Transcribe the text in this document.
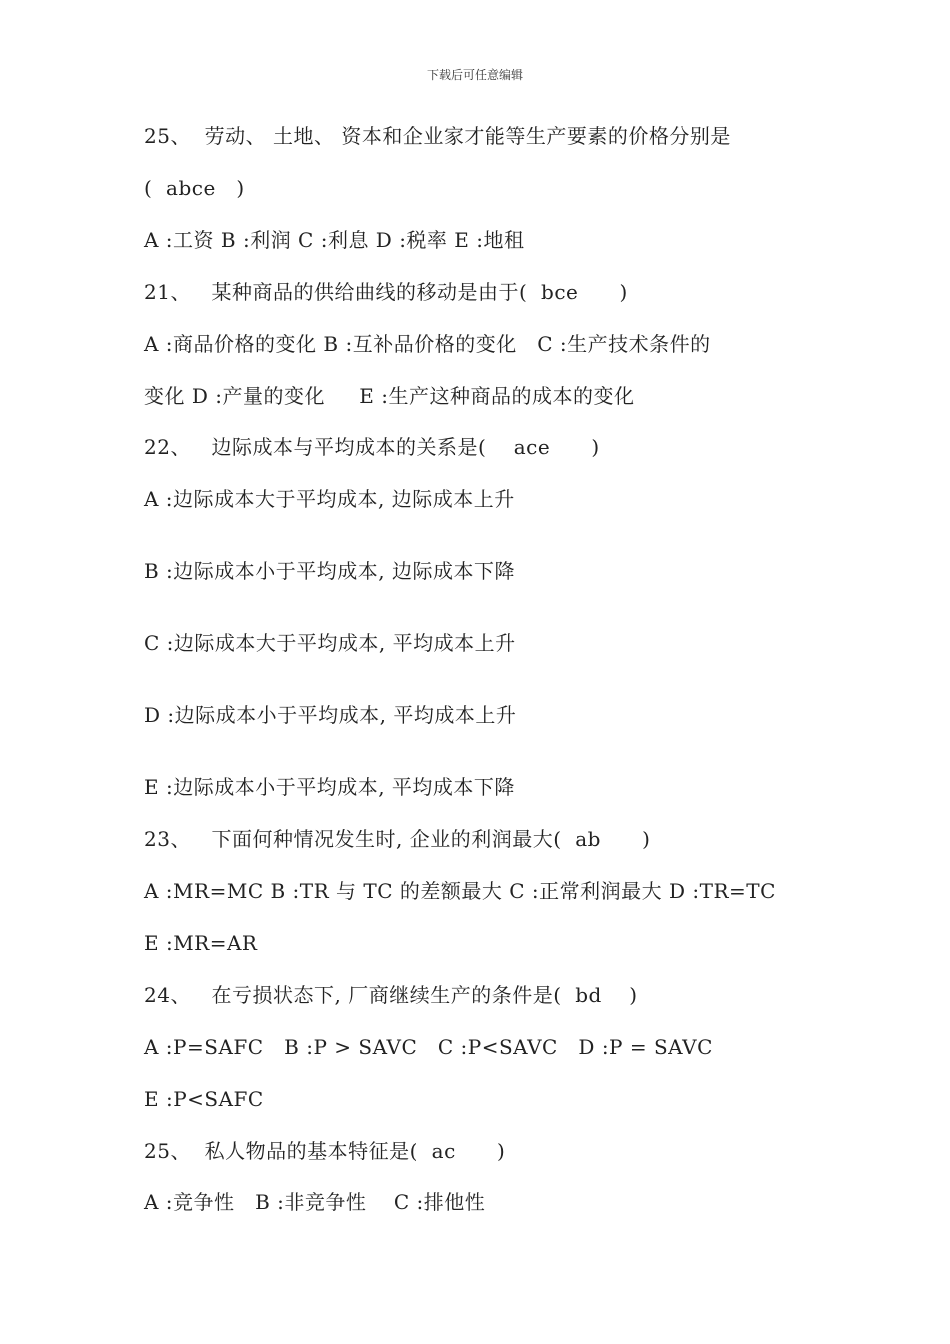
下载后可任意编辑
25、  劳动、 土地、 资本和企业家才能等生产要素的价格分别是
(  abce   )
A :工资 B :利润 C :利息 D :税率 E :地租
21、   某种商品的供给曲线的移动是由于(  bce      )
A :商品价格的变化 B :互补品价格的变化   C :生产技术条件的
变化 D :产量的变化     E :生产这种商品的成本的变化
22、   边际成本与平均成本的关系是(    ace      )
A :边际成本大于平均成本, 边际成本上升
B :边际成本小于平均成本, 边际成本下降
C :边际成本大于平均成本, 平均成本上升
D :边际成本小于平均成本, 平均成本上升
E :边际成本小于平均成本, 平均成本下降
23、   下面何种情况发生时, 企业的利润最大(  ab      )
A :MR=MC B :TR 与 TC 的差额最大 C :正常利润最大 D :TR=TC
E :MR=AR
24、   在亏损状态下, 厂商继续生产的条件是(  bd    )
A :P=SAFC   B :P > SAVC   C :P<SAVC   D :P = SAVC
E :P<SAFC
25、  私人物品的基本特征是(  ac      )
A :竞争性   B :非竞争性    C :排他性
